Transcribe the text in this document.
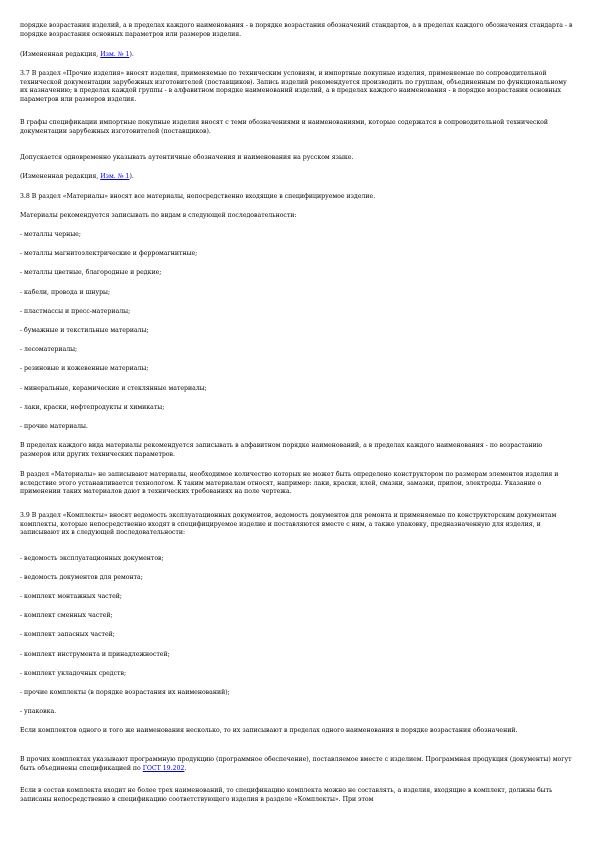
порядке возрастания изделий, а в пределах каждого наименования - в порядке возрастания обозначений стандартов, а в пределах каждого обозначения стандарта - в порядке возрастания основных параметров или размеров изделия.

(Измененная редакция, Изм. № 1).

3.7 В раздел «Прочие изделия» вносят изделия, применяемые по техническим условиям, и импортные покупные изделия, применяемые по сопроводительной технической документации зарубежных изготовителей (поставщиков). Запись изделий рекомендуется производить по группам, объединенным по функциональному их назначению; в пределах каждой группы - в алфавитном порядке наименований изделий, а в пределах каждого наименования - в порядке возрастания основных параметров или размеров изделия.

В графы спецификации импортные покупные изделия вносят с теми обозначениями и наименованиями, которые содержатся в сопроводительной технической документации зарубежных изготовителей (поставщиков).

Допускается одновременно указывать аутентичные обозначения и наименования на русском языке.

(Измененная редакция, Изм. № 1).

3.8 В раздел «Материалы» вносят все материалы, непосредственно входящие в специфицируемое изделие.

Материалы рекомендуется записывать по видам в следующей последовательности:

- металлы черные;

- металлы магнитоэлектрические и ферромагнитные;

- металлы цветные, благородные и редкие;

- кабели, провода и шнуры;

- пластмассы и пресс-материалы;

- бумажные и текстильные материалы;

- лесоматериалы;

- резиновые и кожевенные материалы;

- минеральные, керамические и стеклянные материалы;

- лаки, краски, нефтепродукты и химикаты;

- прочие материалы.

В пределах каждого вида материалы рекомендуется записывать в алфавитном порядке наименований, а в пределах каждого наименования - по возрастанию размеров или других технических параметров.

В раздел «Материалы» не записывают материалы, необходимое количество которых не может быть определено конструктором по размерам элементов изделия и вследствие этого устанавливается технологом. К таким материалам относят, например: лаки, краски, клей, смазки, замазки, припои, электроды. Указание о применении таких материалов дают в технических требованиях на поле чертежа.

3.9 В раздел «Комплекты» вносят ведомость эксплуатационных документов, ведомость документов для ремонта и применяемые по конструкторским документам комплекты, которые непосредственно входят в специфицируемое изделие и поставляются вместе с ним, а также упаковку, предназначенную для изделия, и записывают их в следующей последовательности:

- ведомость эксплуатационных документов;

- ведомость документов для ремонта;

- комплект монтажных частей;

- комплект сменных частей;

- комплект запасных частей;

- комплект инструмента и принадлежностей;

- комплект укладочных средств;

- прочие комплекты (в порядке возрастания их наименований);

- упаковка.

Если комплектов одного и того же наименования несколько, то их записывают в пределах одного наименования в порядке возрастания обозначений.

В прочих комплектах указывают программную продукцию (программное обеспечение), поставляемое вместе с изделием. Программная продукция (документы) могут быть объединены спецификацией по ГОСТ 19.202.

Если в состав комплекта входит не более трех наименований, то спецификацию комплекта можно не составлять, а изделия, входящие в комплект, должны быть записаны непосредственно в спецификацию соответствующего изделия в разделе «Комплекты». При этом
